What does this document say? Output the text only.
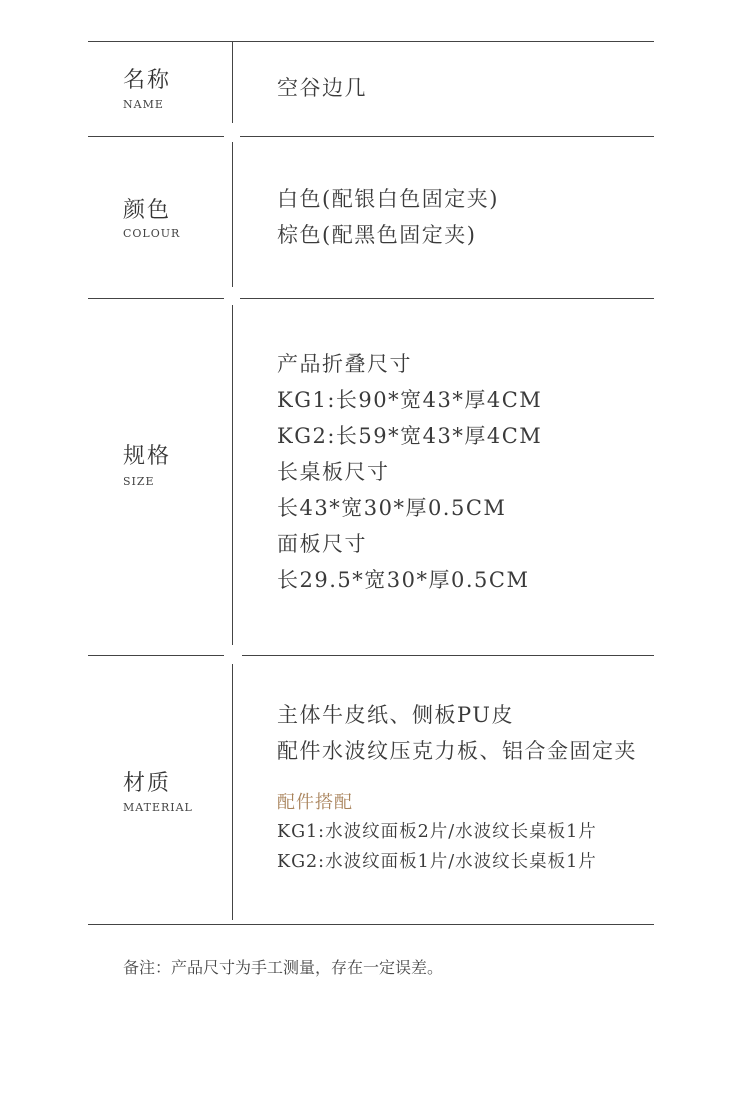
名称
NAME
空谷边几
颜色
COLOUR
白色(配银白色固定夹)
棕色(配黑色固定夹)
规格
SIZE
产品折叠尺寸
KG1:长90*宽43*厚4CM
KG2:长59*宽43*厚4CM
长桌板尺寸
长43*宽30*厚0.5CM
面板尺寸
长29.5*宽30*厚0.5CM
材质
MATERIAL
主体牛皮纸、侧板PU皮
配件水波纹压克力板、铝合金固定夹
配件搭配
KG1:水波纹面板2片/水波纹长桌板1片
KG2:水波纹面板1片/水波纹长桌板1片
备注：产品尺寸为手工测量，存在一定误差。
